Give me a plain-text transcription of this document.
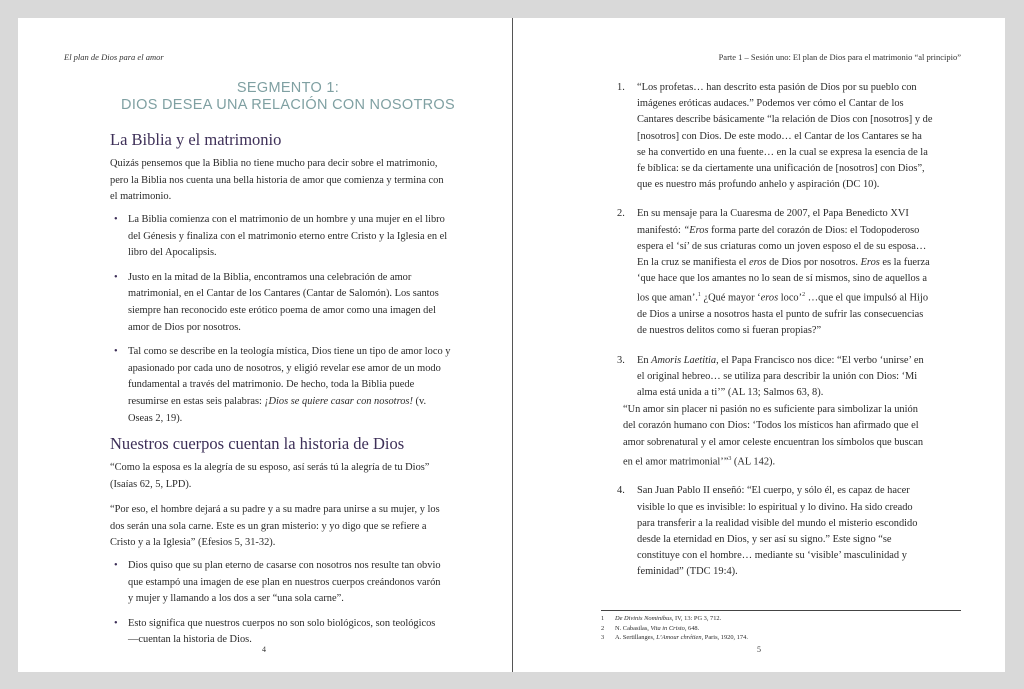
El plan de Dios para el amor
SEGMENTO 1:
DIOS DESEA UNA RELACIÓN CON NOSOTROS
La Biblia y el matrimonio
Quizás pensemos que la Biblia no tiene mucho para decir sobre el matrimonio, pero la Biblia nos cuenta una bella historia de amor que comienza y termina con el matrimonio.
• La Biblia comienza con el matrimonio de un hombre y una mujer en el libro del Génesis y finaliza con el matrimonio eterno entre Cristo y la Iglesia en el libro del Apocalipsis.
• Justo en la mitad de la Biblia, encontramos una celebración de amor matrimonial, en el Cantar de los Cantares (Cantar de Salomón). Los santos siempre han reconocido este erótico poema de amor como una imagen del amor de Dios por nosotros.
• Tal como se describe en la teología mística, Dios tiene un tipo de amor loco y apasionado por cada uno de nosotros, y eligió revelar ese amor de un modo fundamental a través del matrimonio. De hecho, toda la Biblia puede resumirse en estas seis palabras: ¡Dios se quiere casar con nosotros! (v. Oseas 2, 19).
Nuestros cuerpos cuentan la historia de Dios
“Como la esposa es la alegría de su esposo, así serás tú la alegría de tu Dios” (Isaías 62, 5, LPD).
“Por eso, el hombre dejará a su padre y a su madre para unirse a su mujer, y los dos serán una sola carne. Este es un gran misterio: y yo digo que se refiere a Cristo y a la Iglesia” (Efesios 5, 31-32).
• Dios quiso que su plan eterno de casarse con nosotros nos resulte tan obvio que estampó una imagen de ese plan en nuestros cuerpos creándonos varón y mujer y llamando a los dos a ser “una sola carne”.
• Esto significa que nuestros cuerpos no son solo biológicos, son teológicos —cuentan la historia de Dios.
4
Parte 1 – Sesión uno: El plan de Dios para el matrimonio “al principio”
1. “Los profetas… han descrito esta pasión de Dios por su pueblo con imágenes eróticas audaces.” Podemos ver cómo el Cantar de los Cantares describe básicamente “la relación de Dios con [nosotros] y de [nosotros] con Dios. De este modo… el Cantar de los Cantares se ha se ha convertido en una fuente… en la cual se expresa la esencia de la fe bíblica: se da ciertamente una unificación de [nosotros] con Dios”, que es nuestro más profundo anhelo y aspiración (DC 10).
2. En su mensaje para la Cuaresma de 2007, el Papa Benedicto XVI manifestó: “Eros forma parte del corazón de Dios: el Todopoderoso espera el ‘sí’ de sus criaturas como un joven esposo el de su esposa… En la cruz se manifiesta el eros de Dios por nosotros. Eros es la fuerza ‘que hace que los amantes no lo sean de sí mismos, sino de aquellos a los que aman’.$^1$ ¿Qué mayor ‘eros loco’$^2$ …que el que impulsó al Hijo de Dios a unirse a nosotros hasta el punto de sufrir las consecuencias de nuestros delitos como si fueran propias?”
3. En Amoris Laetitia, el Papa Francisco nos dice: “El verbo ‘unirse’ en el original hebreo… se utiliza para describir la unión con Dios: ‘Mi alma está unida a ti’” (AL 13; Salmos 63, 8).
“Un amor sin placer ni pasión no es suficiente para simbolizar la unión del corazón humano con Dios: ‘Todos los místicos han afirmado que el amor sobrenatural y el amor celeste encuentran los símbolos que buscan en el amor matrimonial’”$^3$ (AL 142).
4. San Juan Pablo II enseñó: “El cuerpo, y sólo él, es capaz de hacer visible lo que es invisible: lo espiritual y lo divino. Ha sido creado para transferir a la realidad visible del mundo el misterio escondido desde la eternidad en Dios, y ser así su signo.” Este signo “se constituye con el hombre… mediante su ‘visible’ masculinidad y feminidad” (TDC 19:4).
1 De Divinis Nominibus, IV, 13: PG 3, 712.
2 N. Cabasilas, Vita in Cristo, 648.
3 A. Sertillanges, L’Amour chrétien, Paris, 1920, 174.
5
